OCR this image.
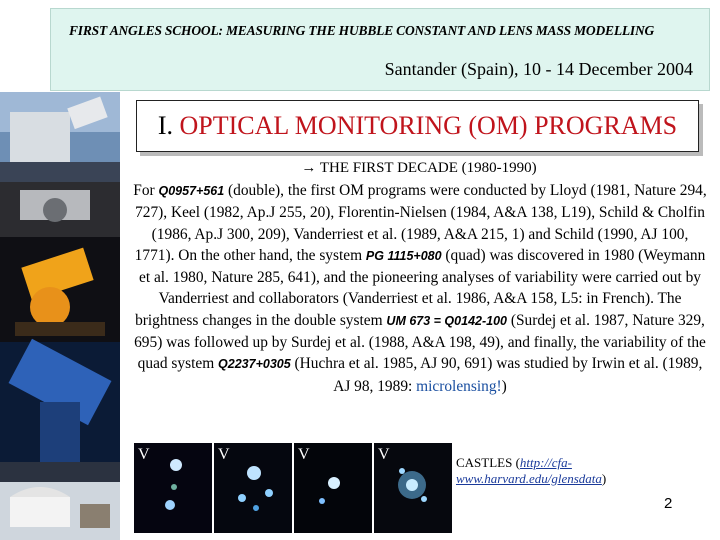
FIRST ANGLES SCHOOL: MEASURING THE HUBBLE CONSTANT AND LENS MASS MODELLING
Santander (Spain), 10 - 14 December 2004
I. OPTICAL MONITORING (OM) PROGRAMS
→ THE FIRST DECADE (1980-1990)
For Q0957+561 (double), the first OM programs were conducted by Lloyd (1981, Nature 294, 727), Keel (1982, Ap.J 255, 20), Florentin-Nielsen (1984, A&A 138, L19), Schild & Cholfin (1986, Ap.J 300, 209), Vanderriest et al. (1989, A&A 215, 1) and Schild (1990, AJ 100, 1771). On the other hand, the system PG 1115+080 (quad) was discovered in 1980 (Weymann et al. 1980, Nature 285, 641), and the pioneering analyses of variability were carried out by Vanderriest and collaborators (Vanderriest et al. 1986, A&A 158, L5: in French). The brightness changes in the double system UM 673 = Q0142-100 (Surdej et al. 1987, Nature 329, 695) was followed up by Surdej et al. (1988, A&A 198, 49), and finally, the variability of the quad system Q2237+0305 (Huchra et al. 1985, AJ 90, 691) was studied by Irwin et al. (1989, AJ 98, 1989: microlensing!)
V	V	V	V	CASTLES (http://cfa-www.harvard.edu/glensdata)
2
